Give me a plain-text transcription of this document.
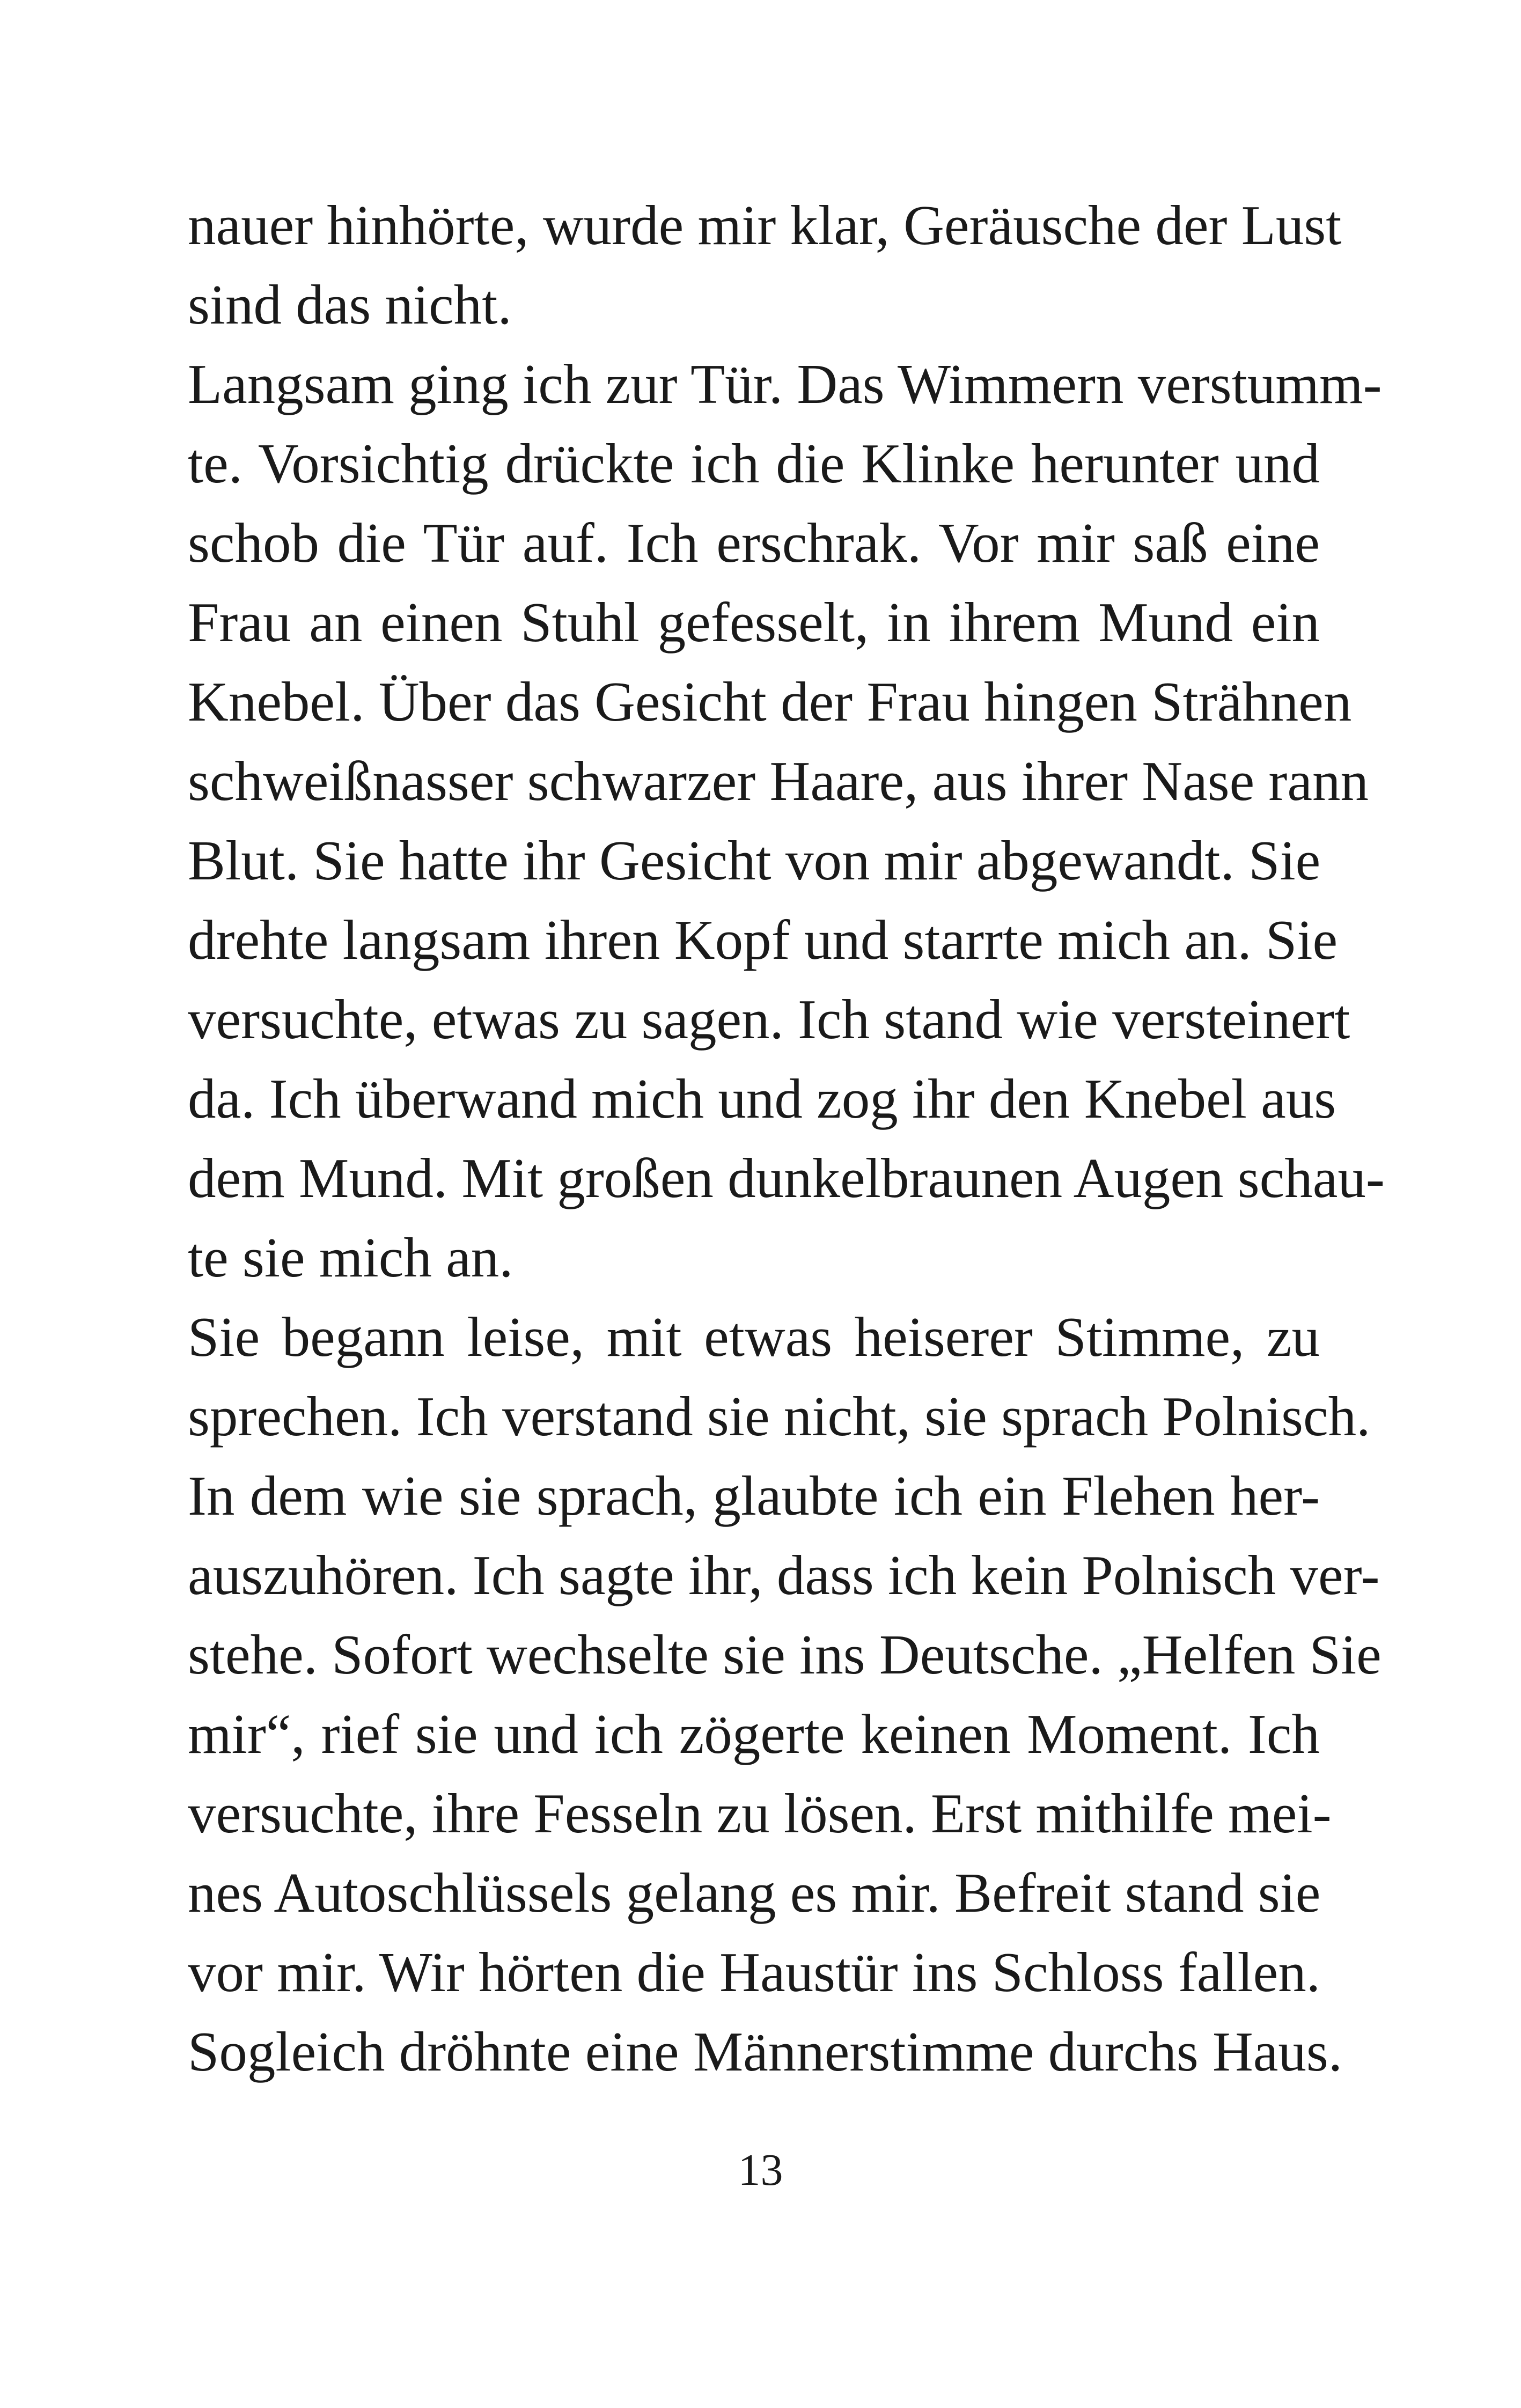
nauer hinhörte, wurde mir klar, Geräusche der Lust
sind das nicht.
Langsam ging ich zur Tür. Das Wimmern verstumm-
te. Vorsichtig drückte ich die Klinke herunter und
schob die Tür auf. Ich erschrak. Vor mir saß eine
Frau an einen Stuhl gefesselt, in ihrem Mund ein
Knebel. Über das Gesicht der Frau hingen Strähnen
schweißnasser schwarzer Haare, aus ihrer Nase rann
Blut. Sie hatte ihr Gesicht von mir abgewandt. Sie
drehte langsam ihren Kopf und starrte mich an. Sie
versuchte, etwas zu sagen. Ich stand wie versteinert
da. Ich überwand mich und zog ihr den Knebel aus
dem Mund. Mit großen dunkelbraunen Augen schau-
te sie mich an.
Sie begann leise, mit etwas heiserer Stimme, zu
sprechen. Ich verstand sie nicht, sie sprach Polnisch.
In dem wie sie sprach, glaubte ich ein Flehen her-
auszuhören. Ich sagte ihr, dass ich kein Polnisch ver-
stehe. Sofort wechselte sie ins Deutsche. „Helfen Sie
mir“, rief sie und ich zögerte keinen Moment. Ich
versuchte, ihre Fesseln zu lösen. Erst mithilfe mei-
nes Autoschlüssels gelang es mir. Befreit stand sie
vor mir. Wir hörten die Haustür ins Schloss fallen.
Sogleich dröhnte eine Männerstimme durchs Haus.
13
